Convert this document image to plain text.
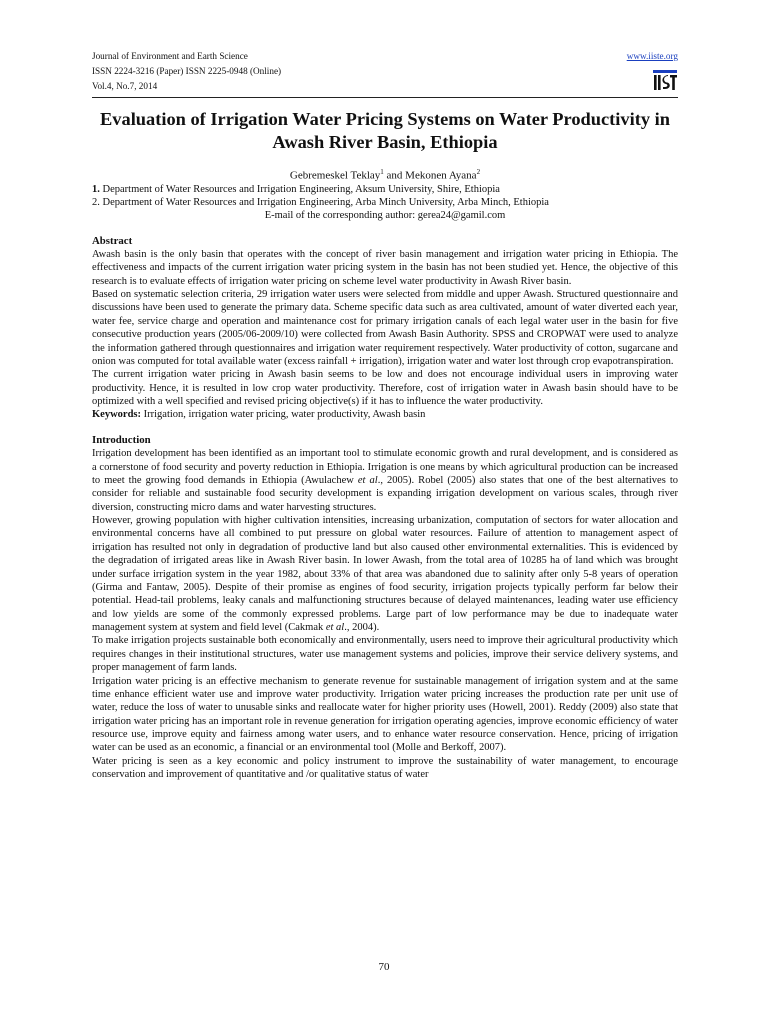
Journal of Environment and Earth Science
ISSN 2224-3216 (Paper) ISSN 2225-0948 (Online)
Vol.4, No.7, 2014
www.iiste.org
Evaluation of Irrigation Water Pricing Systems on Water Productivity in Awash River Basin, Ethiopia
Gebremeskel Teklay$^1$ and Mekonen Ayana$^2$
1. Department of Water Resources and Irrigation Engineering, Aksum University, Shire, Ethiopia
2. Department of Water Resources and Irrigation Engineering, Arba Minch University, Arba Minch, Ethiopia
E-mail of the corresponding author: gerea24@gamil.com
Abstract

Awash basin is the only basin that operates with the concept of river basin management and irrigation water pricing in Ethiopia. The effectiveness and impacts of the current irrigation water pricing system in the basin has not been studied yet. Hence, the objective of this research is to evaluate effects of irrigation water pricing on scheme level water productivity in Awash River basin.

Based on systematic selection criteria, 29 irrigation water users were selected from middle and upper Awash. Structured questionnaire and discussions have been used to generate the primary data. Scheme specific data such as area cultivated, amount of water diverted each year, water fee, service charge and operation and maintenance cost for primary irrigation canals of each legal water user in the basin for five consecutive production years (2005/06-2009/10) were collected from Awash Basin Authority. SPSS and CROPWAT were used to analyze the information gathered through questionnaires and irrigation water requirement respectively. Water productivity of cotton, sugarcane and onion was computed for total available water (excess rainfall + irrigation), irrigation water and water lost through crop evapotranspiration.

The current irrigation water pricing in Awash basin seems to be low and does not encourage individual users in improving water productivity. Hence, it is resulted in low crop water productivity. Therefore, cost of irrigation water in Awash basin should have to be optimized with a well specified and revised pricing objective(s) if it has to influence the water productivity.

Keywords: Irrigation, irrigation water pricing, water productivity, Awash basin
Introduction

Irrigation development has been identified as an important tool to stimulate economic growth and rural development, and is considered as a cornerstone of food security and poverty reduction in Ethiopia. Irrigation is one means by which agricultural production can be increased to meet the growing food demands in Ethiopia (Awulachew et al., 2005). Robel (2005) also states that one of the best alternatives to consider for reliable and sustainable food security development is expanding irrigation development on various scales, through river diversion, constructing micro dams and water harvesting structures.

However, growing population with higher cultivation intensities, increasing urbanization, computation of sectors for water allocation and environmental concerns have all combined to put pressure on global water resources. Failure of attention to management aspect of irrigation has resulted not only in degradation of productive land but also caused other environmental externalities. This is evidenced by the degradation of irrigated areas like in Awash River basin. In lower Awash, from the total area of 10285 ha of land which was brought under surface irrigation system in the year 1982, about 33% of that area was abandoned due to salinity after only 5-8 years of operation (Girma and Fantaw, 2005). Despite of their promise as engines of food security, irrigation projects typically perform far below their potential. Head-tail problems, leaky canals and malfunctioning structures because of delayed maintenances, leading water use efficiency and low yields are some of the commonly expressed problems. Large part of low performance may be due to inadequate water management system at system and field level (Cakmak et al., 2004).

To make irrigation projects sustainable both economically and environmentally, users need to improve their agricultural productivity which requires changes in their institutional structures, water use management systems and policies, improve their service delivery systems, and proper management of farm lands.

Irrigation water pricing is an effective mechanism to generate revenue for sustainable management of irrigation system and at the same time enhance efficient water use and improve water productivity. Irrigation water pricing increases the production rate per unit use of water, reduce the loss of water to unusable sinks and reallocate water for higher priority uses (Howell, 2001). Reddy (2009) also state that irrigation water pricing has an important role in revenue generation for irrigation operating agencies, improve economic efficiency of water resource use, improve equity and fairness among water users, and to enhance water resource conservation. Hence, pricing of irrigation water can be used as an economic, a financial or an environmental tool (Molle and Berkoff, 2007).

Water pricing is seen as a key economic and policy instrument to improve the sustainability of water management, to encourage conservation and improvement of quantitative and /or qualitative status of water

70
